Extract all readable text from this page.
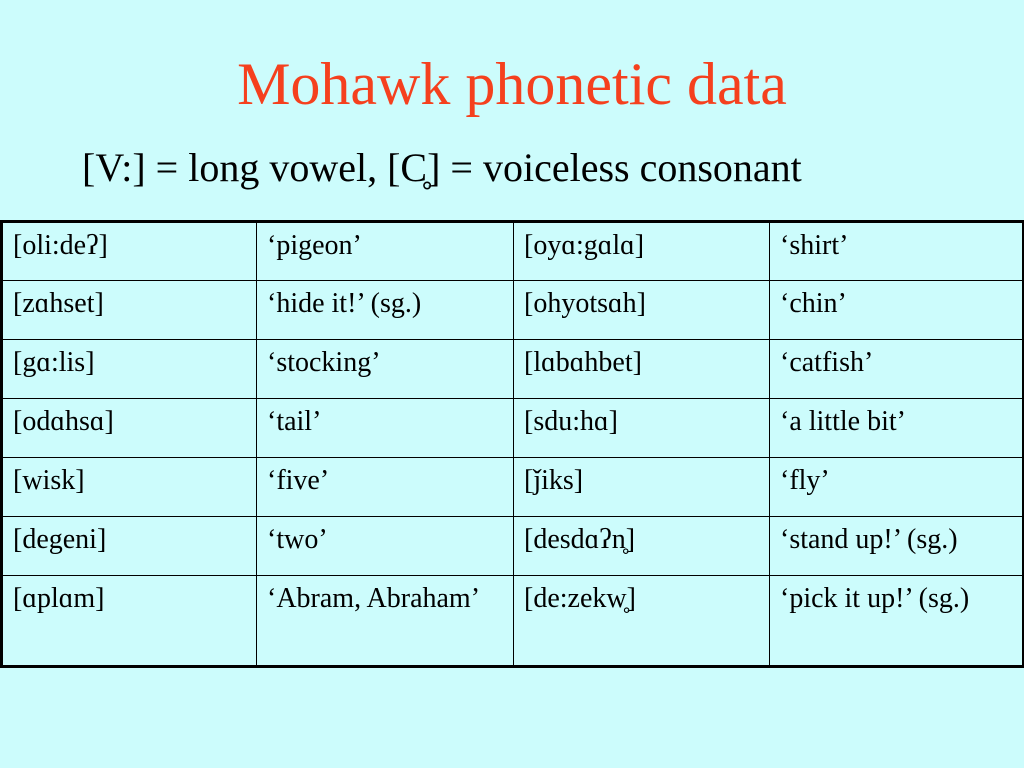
Mohawk phonetic data
[V:] = long vowel, [C̥] = voiceless consonant
[oli:deʔ]	‘pigeon’	[oyɑ:gɑlɑ]	‘shirt’
[zɑhset]	‘hide it!’ (sg.)	[ohyotsɑh]	‘chin’
[gɑ:lis]	‘stocking’	[lɑbɑhbet]	‘catfish’
[odɑhsɑ]	‘tail’	[sdu:hɑ]	‘a little bit’
[wisk]	‘five’	[ǰiks]	‘fly’
[degeni]	‘two’	[desdɑʔn̥]	‘stand up!’ (sg.)
[ɑplɑm]	‘Abram, Abraham’	[de:zekw̥]	‘pick it up!’ (sg.)
